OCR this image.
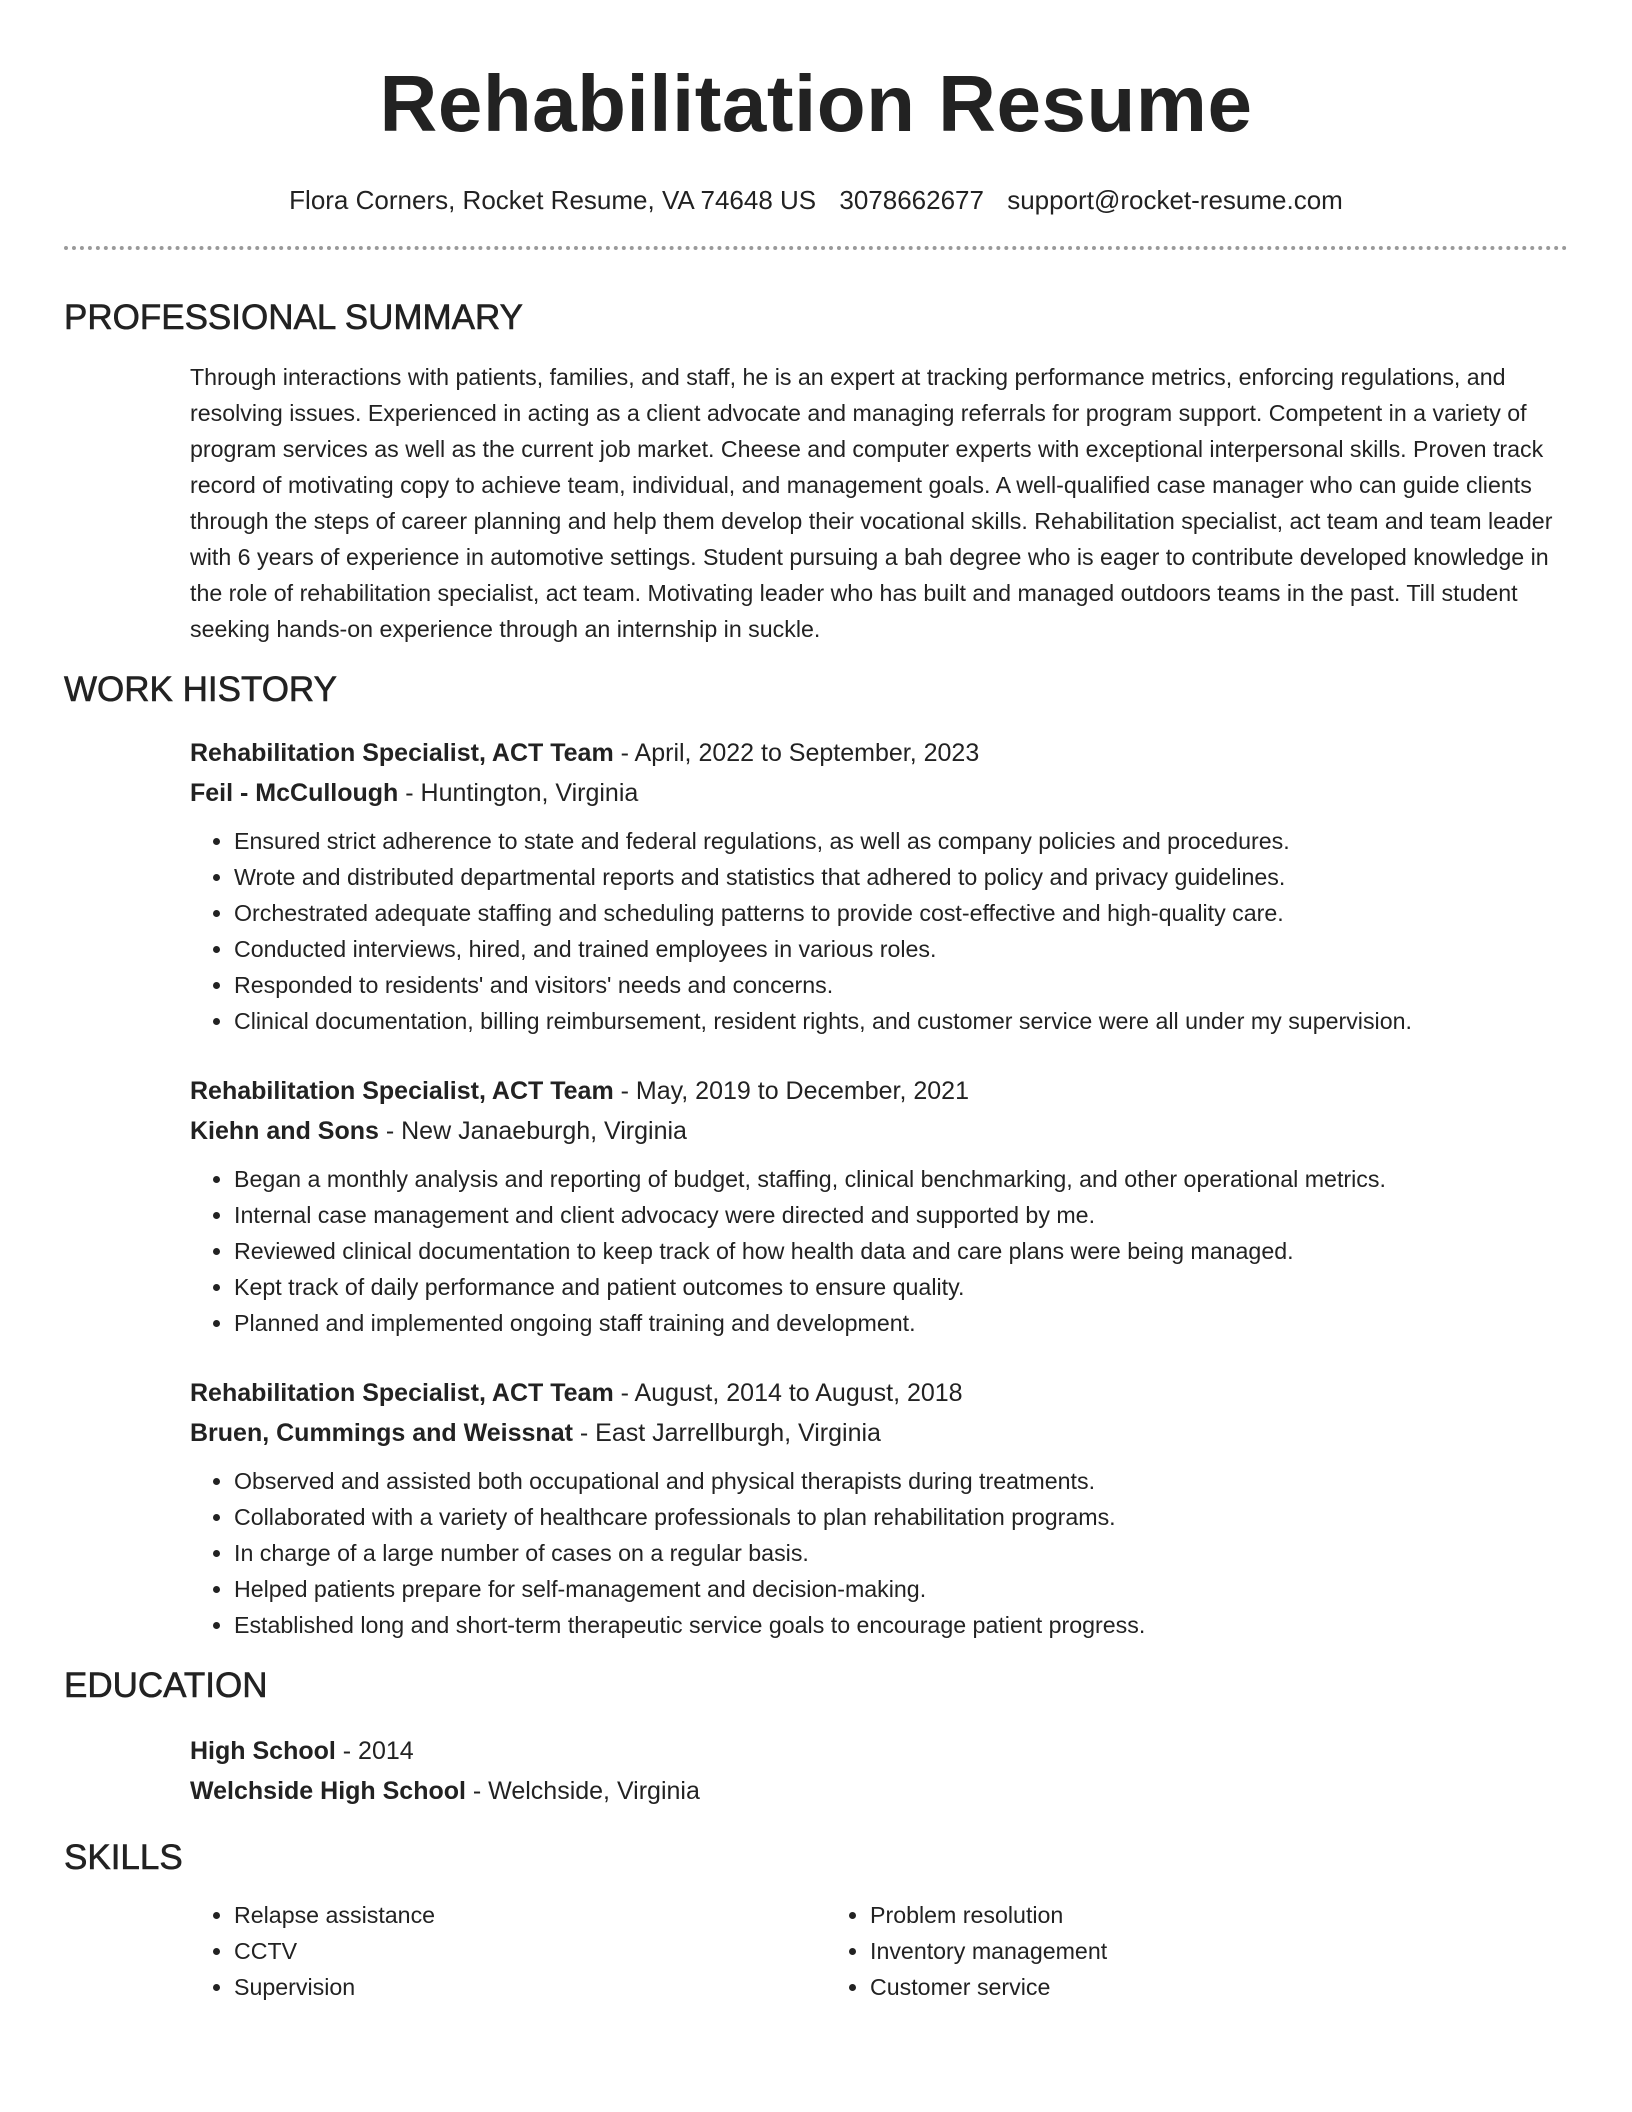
Rehabilitation Resume
Flora Corners, Rocket Resume, VA 74648 US 3078662677 support@rocket-resume.com
PROFESSIONAL SUMMARY

Through interactions with patients, families, and staff, he is an expert at tracking performance metrics, enforcing regulations, and resolving issues. Experienced in acting as a client advocate and managing referrals for program support. Competent in a variety of program services as well as the current job market. Cheese and computer experts with exceptional interpersonal skills. Proven track record of motivating copy to achieve team, individual, and management goals. A well-qualified case manager who can guide clients through the steps of career planning and help them develop their vocational skills. Rehabilitation specialist, act team and team leader with 6 years of experience in automotive settings. Student pursuing a bah degree who is eager to contribute developed knowledge in the role of rehabilitation specialist, act team. Motivating leader who has built and managed outdoors teams in the past. Till student seeking hands-on experience through an internship in suckle.

WORK HISTORY
Rehabilitation Specialist, ACT Team - April, 2022 to September, 2023
Feil - McCullough - Huntington, Virginia
• Ensured strict adherence to state and federal regulations, as well as company policies and procedures.
• Wrote and distributed departmental reports and statistics that adhered to policy and privacy guidelines.
• Orchestrated adequate staffing and scheduling patterns to provide cost-effective and high-quality care.
• Conducted interviews, hired, and trained employees in various roles.
• Responded to residents' and visitors' needs and concerns.
• Clinical documentation, billing reimbursement, resident rights, and customer service were all under my supervision.
Rehabilitation Specialist, ACT Team - May, 2019 to December, 2021
Kiehn and Sons - New Janaeburgh, Virginia
• Began a monthly analysis and reporting of budget, staffing, clinical benchmarking, and other operational metrics.
• Internal case management and client advocacy were directed and supported by me.
• Reviewed clinical documentation to keep track of how health data and care plans were being managed.
• Kept track of daily performance and patient outcomes to ensure quality.
• Planned and implemented ongoing staff training and development.
Rehabilitation Specialist, ACT Team - August, 2014 to August, 2018
Bruen, Cummings and Weissnat - East Jarrellburgh, Virginia
• Observed and assisted both occupational and physical therapists during treatments.
• Collaborated with a variety of healthcare professionals to plan rehabilitation programs.
• In charge of a large number of cases on a regular basis.
• Helped patients prepare for self-management and decision-making.
• Established long and short-term therapeutic service goals to encourage patient progress.
EDUCATION
High School - 2014
Welchside High School - Welchside, Virginia
SKILLS
• Relapse assistance
• CCTV
• Supervision
• Problem resolution
• Inventory management
• Customer service
